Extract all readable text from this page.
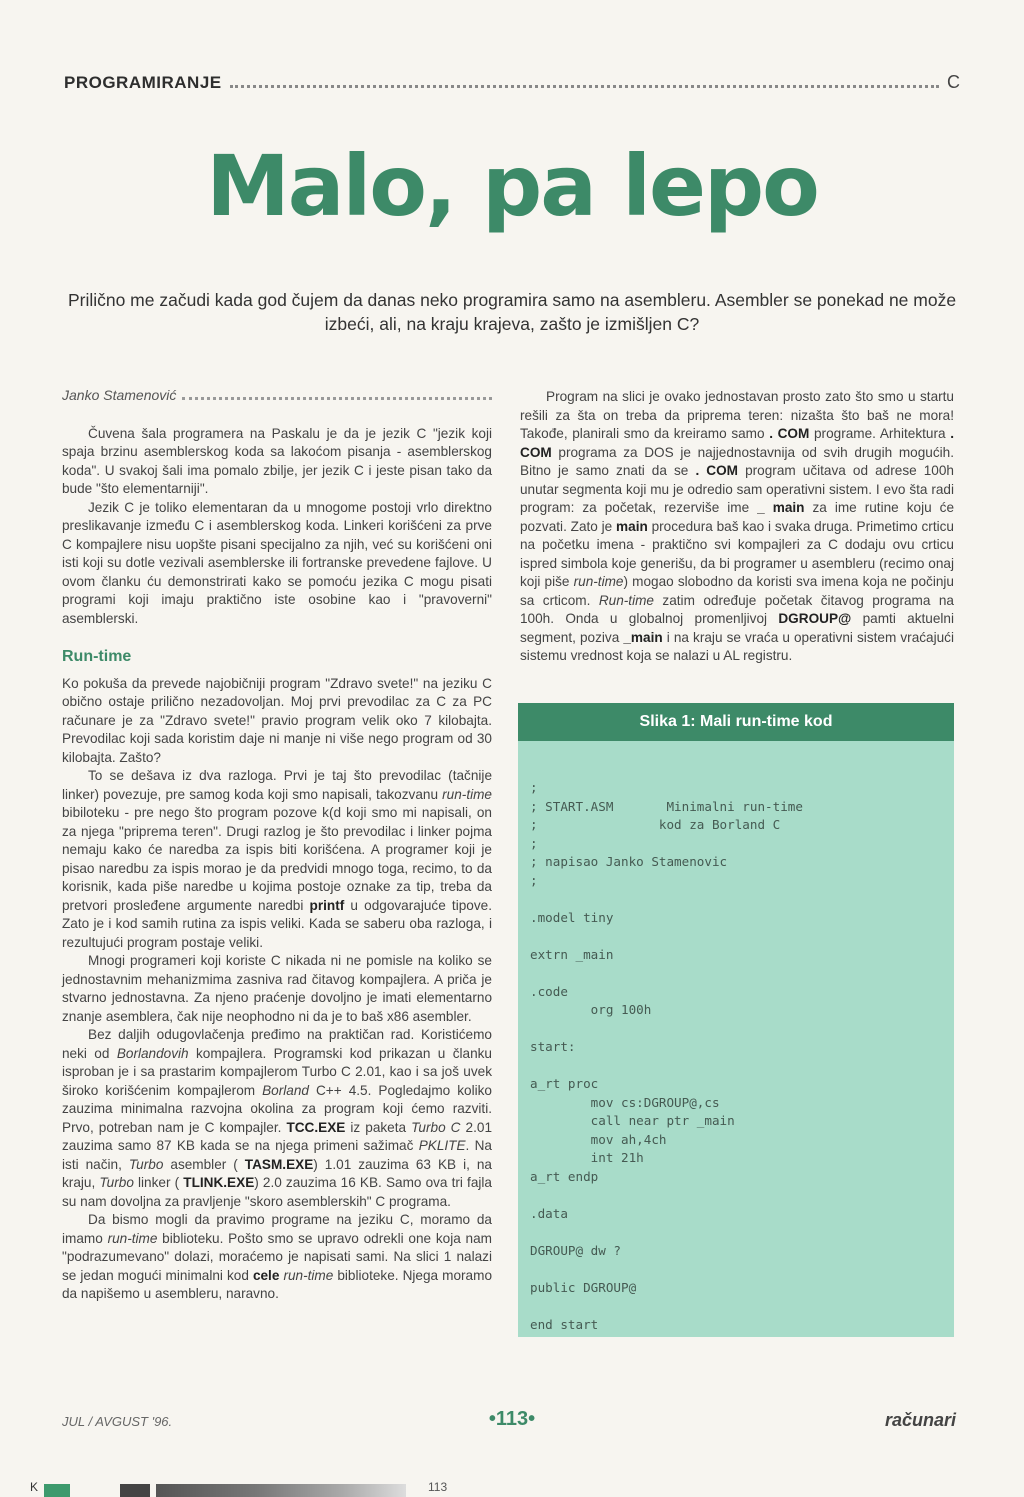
PROGRAMIRANJE	C
Malo, pa lepo
Prilično me začudi kada god čujem da danas neko programira samo na asembleru. Asembler se ponekad ne može izbeći, ali, na kraju krajeva, zašto je izmišljen C?
Janko Stamenović

Čuvena šala programera na Paskalu je da je jezik C "jezik koji spaja brzinu asemblerskog koda sa lakoćom pisanja - asemblerskog koda". U svakoj šali ima pomalo zbilje, jer jezik C i jeste pisan tako da bude "što elementarniji".

Jezik C je toliko elementaran da u mnogome postoji vrlo direktno preslikavanje između C i asemblerskog koda. Linkeri korišćeni za prve C kompajlere nisu uopšte pisani specijalno za njih, već su korišćeni oni isti koji su dotle vezivali asemblerske ili fortranske prevedene fajlove. U ovom članku ću demonstrirati kako se pomoću jezika C mogu pisati programi koji imaju praktično iste osobine kao i "pravoverni" asemblerski.

Run-time

Ko pokuša da prevede najobičniji program "Zdravo svete!" na jeziku C obično ostaje prilično nezadovoljan. Moj prvi prevodilac za C za PC računare je za "Zdravo svete!" pravio program velik oko 7 kilobajta. Prevodilac koji sada koristim daje ni manje ni više nego program od 30 kilobajta. Zašto?

To se dešava iz dva razloga. Prvi je taj što prevodilac (tačnije linker) povezuje, pre samog koda koji smo napisali, takozvanu run-time bibiloteku - pre nego što program pozove k(d koji smo mi napisali, on za njega "priprema teren". Drugi razlog je što prevodilac i linker pojma nemaju kako će naredba za ispis biti korišćena. A programer koji je pisao naredbu za ispis morao je da predvidi mnogo toga, recimo, to da korisnik, kada piše naredbe u kojima postoje oznake za tip, treba da pretvori prosleđene argumente naredbi printf u odgovarajuće tipove. Zato je i kod samih rutina za ispis veliki. Kada se saberu oba razloga, i rezultujući program postaje veliki.

Mnogi programeri koji koriste C nikada ni ne pomisle na koliko se jednostavnim mehanizmima zasniva rad čitavog kompajlera. A priča je stvarno jednostavna. Za njeno praćenje dovoljno je imati elementarno znanje asemblera, čak nije neophodno ni da je to baš x86 asembler.

Bez daljih odugovlačenja pređimo na praktičan rad. Koristićemo neki od Borlandovih kompajlera. Programski kod prikazan u članku isproban je i sa prastarim kompajlerom Turbo C 2.01, kao i sa još uvek široko korišćenim kompajlerom Borland C++ 4.5. Pogledajmo koliko zauzima minimalna razvojna okolina za program koji ćemo razviti. Prvo, potreban nam je C kompajler. TCC.EXE iz paketa Turbo C 2.01 zauzima samo 87 KB kada se na njega primeni sažimač PKLITE. Na isti način, Turbo asembler ( TASM.EXE) 1.01 zauzima 63 KB i, na kraju, Turbo linker ( TLINK.EXE) 2.0 zauzima 16 KB. Samo ova tri fajla su nam dovoljna za pravljenje "skoro asemblerskih" C programa.

Da bismo mogli da pravimo programe na jeziku C, moramo da imamo run-time biblioteku. Pošto smo se upravo odrekli one koja nam "podrazumevano" dolazi, moraćemo je napisati sami. Na slici 1 nalazi se jedan mogući minimalni kod cele run-time biblioteke. Njega moramo da napišemo u asembleru, naravno.

Program na slici je ovako jednostavan prosto zato što smo u startu rešili za šta on treba da priprema teren: nizašta što baš ne mora! Takođe, planirali smo da kreiramo samo . COM programe. Arhitektura . COM programa za DOS je najjednostavnija od svih drugih mogućih. Bitno je samo znati da se . COM program učitava od adrese 100h unutar segmenta koji mu je odredio sam operativni sistem. I evo šta radi program: za početak, rezerviše ime _ main za ime rutine koju će pozvati. Zato je main procedura baš kao i svaka druga. Primetimo crticu na početku imena - praktično svi kompajleri za C dodaju ovu crticu ispred simbola koje generišu, da bi programer u asembleru (recimo onaj koji piše run-time) mogao slobodno da koristi sva imena koja ne počinju sa crticom. Run-time zatim određuje početak čitavog programa na 100h. Onda u globalnoj promenljivoj DGROUP@ pamti aktuelni segment, poziva _main i na kraju se vraća u operativni sistem vraćajući sistemu vrednost koja se nalazi u AL registru.

Slika 1: Mali run-time kod
;
; START.ASM       Minimalni run-time
;                kod za Borland C
;
; napisao Janko Stamenovic
;
.model tiny
extrn _main
.code
org 100h
start:
a_rt proc
mov cs:DGROUP@,cs
call near ptr _main
mov ah,4ch
int 21h
a_rt endp
.data
DGROUP@ dw ?
public DGROUP@
end start
JUL / AVGUST '96.	•113•	računari
K	113
